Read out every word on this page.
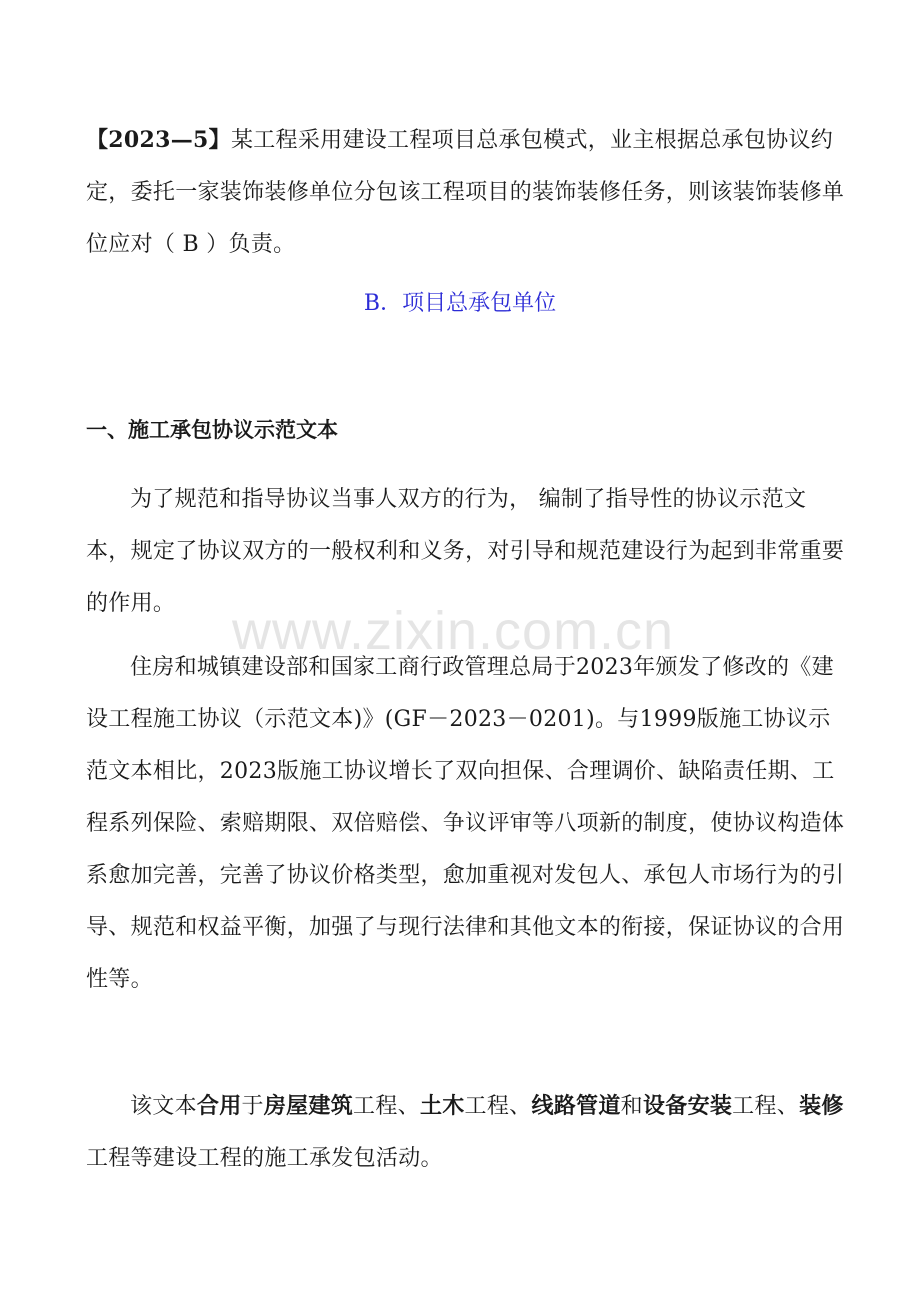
【2023—5】某工程采用建设工程项目总承包模式，业主根据总承包协议约定，委托一家装饰装修单位分包该工程项目的装饰装修任务，则该装饰装修单位应对（ B ）负责。

B．项目总承包单位
一、施工承包协议示范文本

为了规范和指导协议当事人双方的行为， 编制了指导性的协议示范文本，规定了协议双方的一般权利和义务，对引导和规范建设行为起到非常重要的作用。

住房和城镇建设部和国家工商行政管理总局于2023年颁发了修改的《建设工程施工协议（示范文本)》(GF－2023－0201)。与1999版施工协议示范文本相比，2023版施工协议增长了双向担保、合理调价、缺陷责任期、工程系列保险、索赔期限、双倍赔偿、争议评审等八项新的制度，使协议构造体系愈加完善，完善了协议价格类型，愈加重视对发包人、承包人市场行为的引导、规范和权益平衡，加强了与现行法律和其他文本的衔接，保证协议的合用性等。

该文本合用于房屋建筑工程、土木工程、线路管道和设备安装工程、装修工程等建设工程的施工承发包活动。

www.zixin.com.cn
